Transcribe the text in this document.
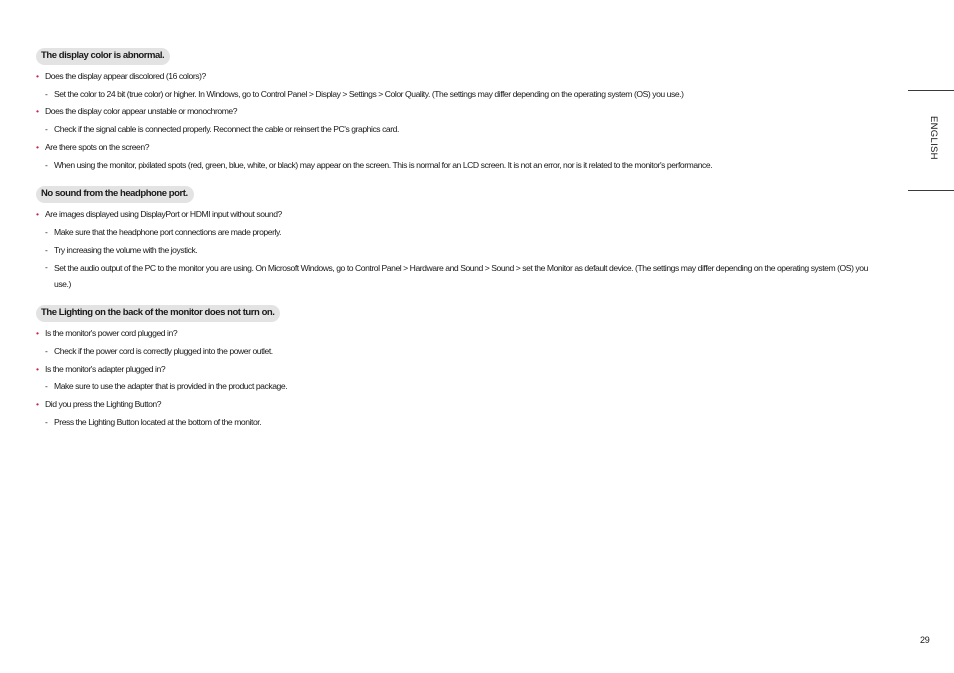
The display color is abnormal.
• Does the display appear discolored (16 colors)?
- Set the color to 24 bit (true color) or higher. In Windows, go to Control Panel > Display > Settings > Color Quality. (The settings may differ depending on the operating system (OS) you use.)
• Does the display color appear unstable or monochrome?
- Check if the signal cable is connected properly. Reconnect the cable or reinsert the PC's graphics card.
• Are there spots on the screen?
- When using the monitor, pixilated spots (red, green, blue, white, or black) may appear on the screen. This is normal for an LCD screen. It is not an error, nor is it related to the monitor's performance.
No sound from the headphone port.
• Are images displayed using DisplayPort or HDMI input without sound?
- Make sure that the headphone port connections are made properly.
- Try increasing the volume with the joystick.
- Set the audio output of the PC to the monitor you are using. On Microsoft Windows, go to Control Panel > Hardware and Sound > Sound > set the Monitor as default device. (The settings may differ depending on the operating system (OS) you use.)
The Lighting on the back of the monitor does not turn on.
• Is the monitor's power cord plugged in?
- Check if the power cord is correctly plugged into the power outlet.
• Is the monitor's adapter plugged in?
- Make sure to use the adapter that is provided in the product package.
• Did you press the Lighting Button?
- Press the Lighting Button located at the bottom of the monitor.
ENGLISH
29
